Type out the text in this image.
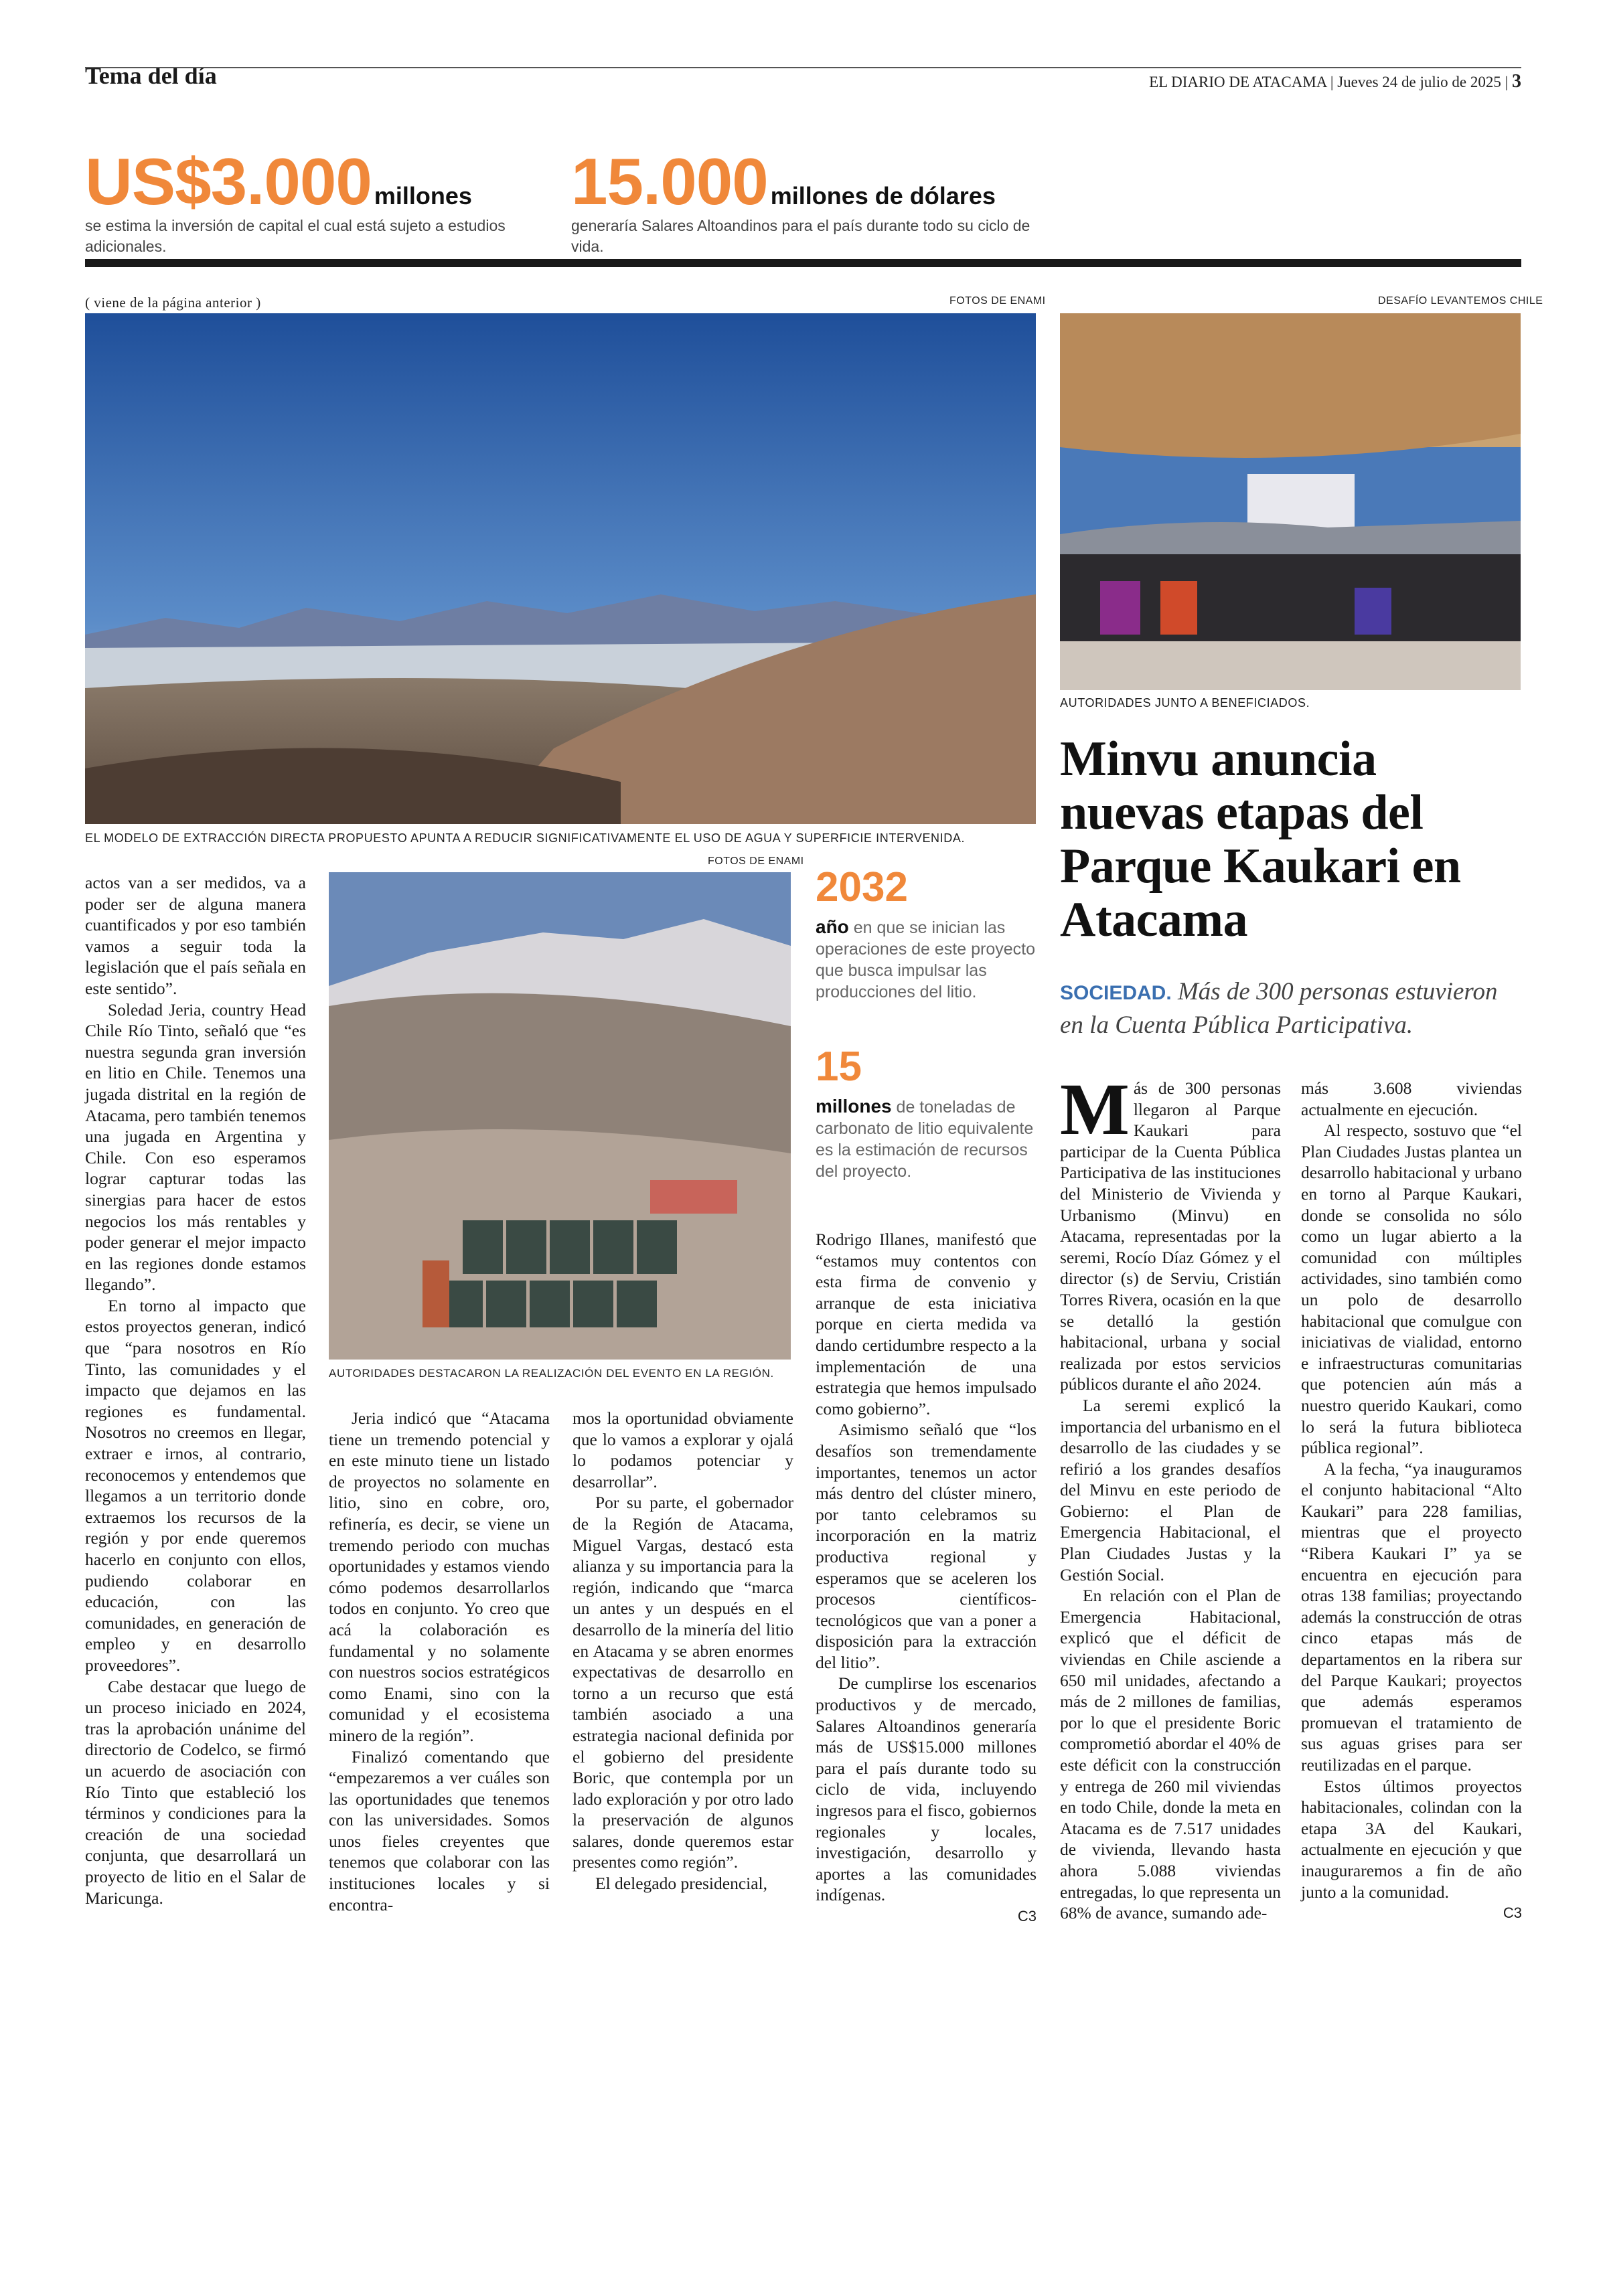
Tema del día	EL DIARIO DE ATACAMA | Jueves 24 de julio de 2025 | 3
US$3.000 millones
se estima la inversión de capital el cual está sujeto a estudios adicionales.
15.000 millones de dólares
generaría Salares Altoandinos para el país durante todo su ciclo de vida.
( viene de la página anterior )	FOTOS DE ENAMI	DESAFÍO LEVANTEMOS CHILE
EL MODELO DE EXTRACCIÓN DIRECTA PROPUESTO APUNTA A REDUCIR SIGNIFICATIVAMENTE EL USO DE AGUA Y SUPERFICIE INTERVENIDA.
AUTORIDADES JUNTO A BENEFICIADOS.
Minvu anuncia nuevas etapas del Parque Kaukari en Atacama
SOCIEDAD. Más de 300 personas estuvieron en la Cuenta Pública Participativa.
FOTOS DE ENAMI
AUTORIDADES DESTACARON LA REALIZACIÓN DEL EVENTO EN LA REGIÓN.
2032
año en que se inician las operaciones de este proyecto que busca impulsar las producciones del litio.
15
millones de toneladas de carbonato de litio equivalente es la estimación de recursos del proyecto.

actos van a ser medidos, va a poder ser de alguna manera cuantificados y por eso también vamos a seguir toda la legislación que el país señala en este sentido”.

Soledad Jeria, country Head Chile Río Tinto, señaló que “es nuestra segunda gran inversión en litio en Chile. Tenemos una jugada distrital en la región de Atacama, pero también tenemos una jugada en Argentina y Chile. Con eso esperamos lograr capturar todas las sinergias para hacer de estos negocios los más rentables y poder generar el mejor impacto en las regiones donde estamos llegando”.

En torno al impacto que estos proyectos generan, indicó que “para nosotros en Río Tinto, las comunidades y el impacto que dejamos en las regiones es fundamental. Nosotros no creemos en llegar, extraer e irnos, al contrario, reconocemos y entendemos que llegamos a un territorio donde extraemos los recursos de la región y por ende queremos hacerlo en conjunto con ellos, pudiendo colaborar en educación, con las comunidades, en generación de empleo y en desarrollo proveedores”.

Cabe destacar que luego de un proceso iniciado en 2024, tras la aprobación unánime del directorio de Codelco, se firmó un acuerdo de asociación con Río Tinto que estableció los términos y condiciones para la creación de una sociedad conjunta, que desarrollará un proyecto de litio en el Salar de Maricunga.

Jeria indicó que “Atacama tiene un tremendo potencial y en este minuto tiene un listado de proyectos no solamente en litio, sino en cobre, oro, refinería, es decir, se viene un tremendo periodo con muchas oportunidades y estamos viendo cómo podemos desarrollarlos todos en conjunto. Yo creo que acá la colaboración es fundamental y no solamente con nuestros socios estratégicos como Enami, sino con la comunidad y el ecosistema minero de la región”.

Finalizó comentando que “empezaremos a ver cuáles son las oportunidades que tenemos con las universidades. Somos unos fieles creyentes que tenemos que colaborar con las instituciones locales y si encontra-

mos la oportunidad obviamente que lo vamos a explorar y ojalá lo podamos potenciar y desarrollar”.

Por su parte, el gobernador de la Región de Atacama, Miguel Vargas, destacó esta alianza y su importancia para la región, indicando que “marca un antes y un después en el desarrollo de la minería del litio en Atacama y se abren enormes expectativas de desarrollo en torno a un recurso que está también asociado a una estrategia nacional definida por el gobierno del presidente Boric, que contempla por un lado exploración y por otro lado la preservación de algunos salares, donde queremos estar presentes como región”.

El delegado presidencial,

Rodrigo Illanes, manifestó que “estamos muy contentos con esta firma de convenio y arranque de esta iniciativa porque en cierta medida va dando certidumbre respecto a la implementación de una estrategia que hemos impulsado como gobierno”.

Asimismo señaló que “los desafíos son tremendamente importantes, tenemos un actor más dentro del clúster minero, por tanto celebramos su incorporación en la matriz productiva regional y esperamos que se aceleren los procesos científicos-tecnológicos que van a poner a disposición para la extracción del litio”.

De cumplirse los escenarios productivos y de mercado, Salares Altoandinos generaría más de US$15.000 millones para el país durante todo su ciclo de vida, incluyendo ingresos para el fisco, gobiernos regionales y locales, investigación, desarrollo y aportes a las comunidades indígenas.

C3

Más de 300 personas llegaron al Parque Kaukari para participar de la Cuenta Pública Participativa de las instituciones del Ministerio de Vivienda y Urbanismo (Minvu) en Atacama, representadas por la seremi, Rocío Díaz Gómez y el director (s) de Serviu, Cristián Torres Rivera, ocasión en la que se detalló la gestión habitacional, urbana y social realizada por estos servicios públicos durante el año 2024.

La seremi explicó la importancia del urbanismo en el desarrollo de las ciudades y se refirió a los grandes desafíos del Minvu en este periodo de Gobierno: el Plan de Emergencia Habitacional, el Plan Ciudades Justas y la Gestión Social.

En relación con el Plan de Emergencia Habitacional, explicó que el déficit de viviendas en Chile asciende a 650 mil unidades, afectando a más de 2 millones de familias, por lo que el presidente Boric comprometió abordar el 40% de este déficit con la construcción y entrega de 260 mil viviendas en todo Chile, donde la meta en Atacama es de 7.517 unidades de vivienda, llevando hasta ahora 5.088 viviendas entregadas, lo que representa un 68% de avance, sumando ade-

más 3.608 viviendas actualmente en ejecución.

Al respecto, sostuvo que “el Plan Ciudades Justas plantea un desarrollo habitacional y urbano en torno al Parque Kaukari, donde se consolida no sólo como un lugar abierto a la comunidad con múltiples actividades, sino también como un polo de desarrollo habitacional que comulgue con iniciativas de vialidad, entorno e infraestructuras comunitarias que potencien aún más a nuestro querido Kaukari, como lo será la futura biblioteca pública regional”.

A la fecha, “ya inauguramos el conjunto habitacional “Alto Kaukari” para 228 familias, mientras que el proyecto “Ribera Kaukari I” ya se encuentra en ejecución para otras 138 familias; proyectando además la construcción de otras cinco etapas más de departamentos en la ribera sur del Parque Kaukari; proyectos que además esperamos promuevan el tratamiento de sus aguas grises para ser reutilizadas en el parque.

Estos últimos proyectos habitacionales, colindan con la etapa 3A del Kaukari, actualmente en ejecución y que inauguraremos a fin de año junto a la comunidad.

C3
